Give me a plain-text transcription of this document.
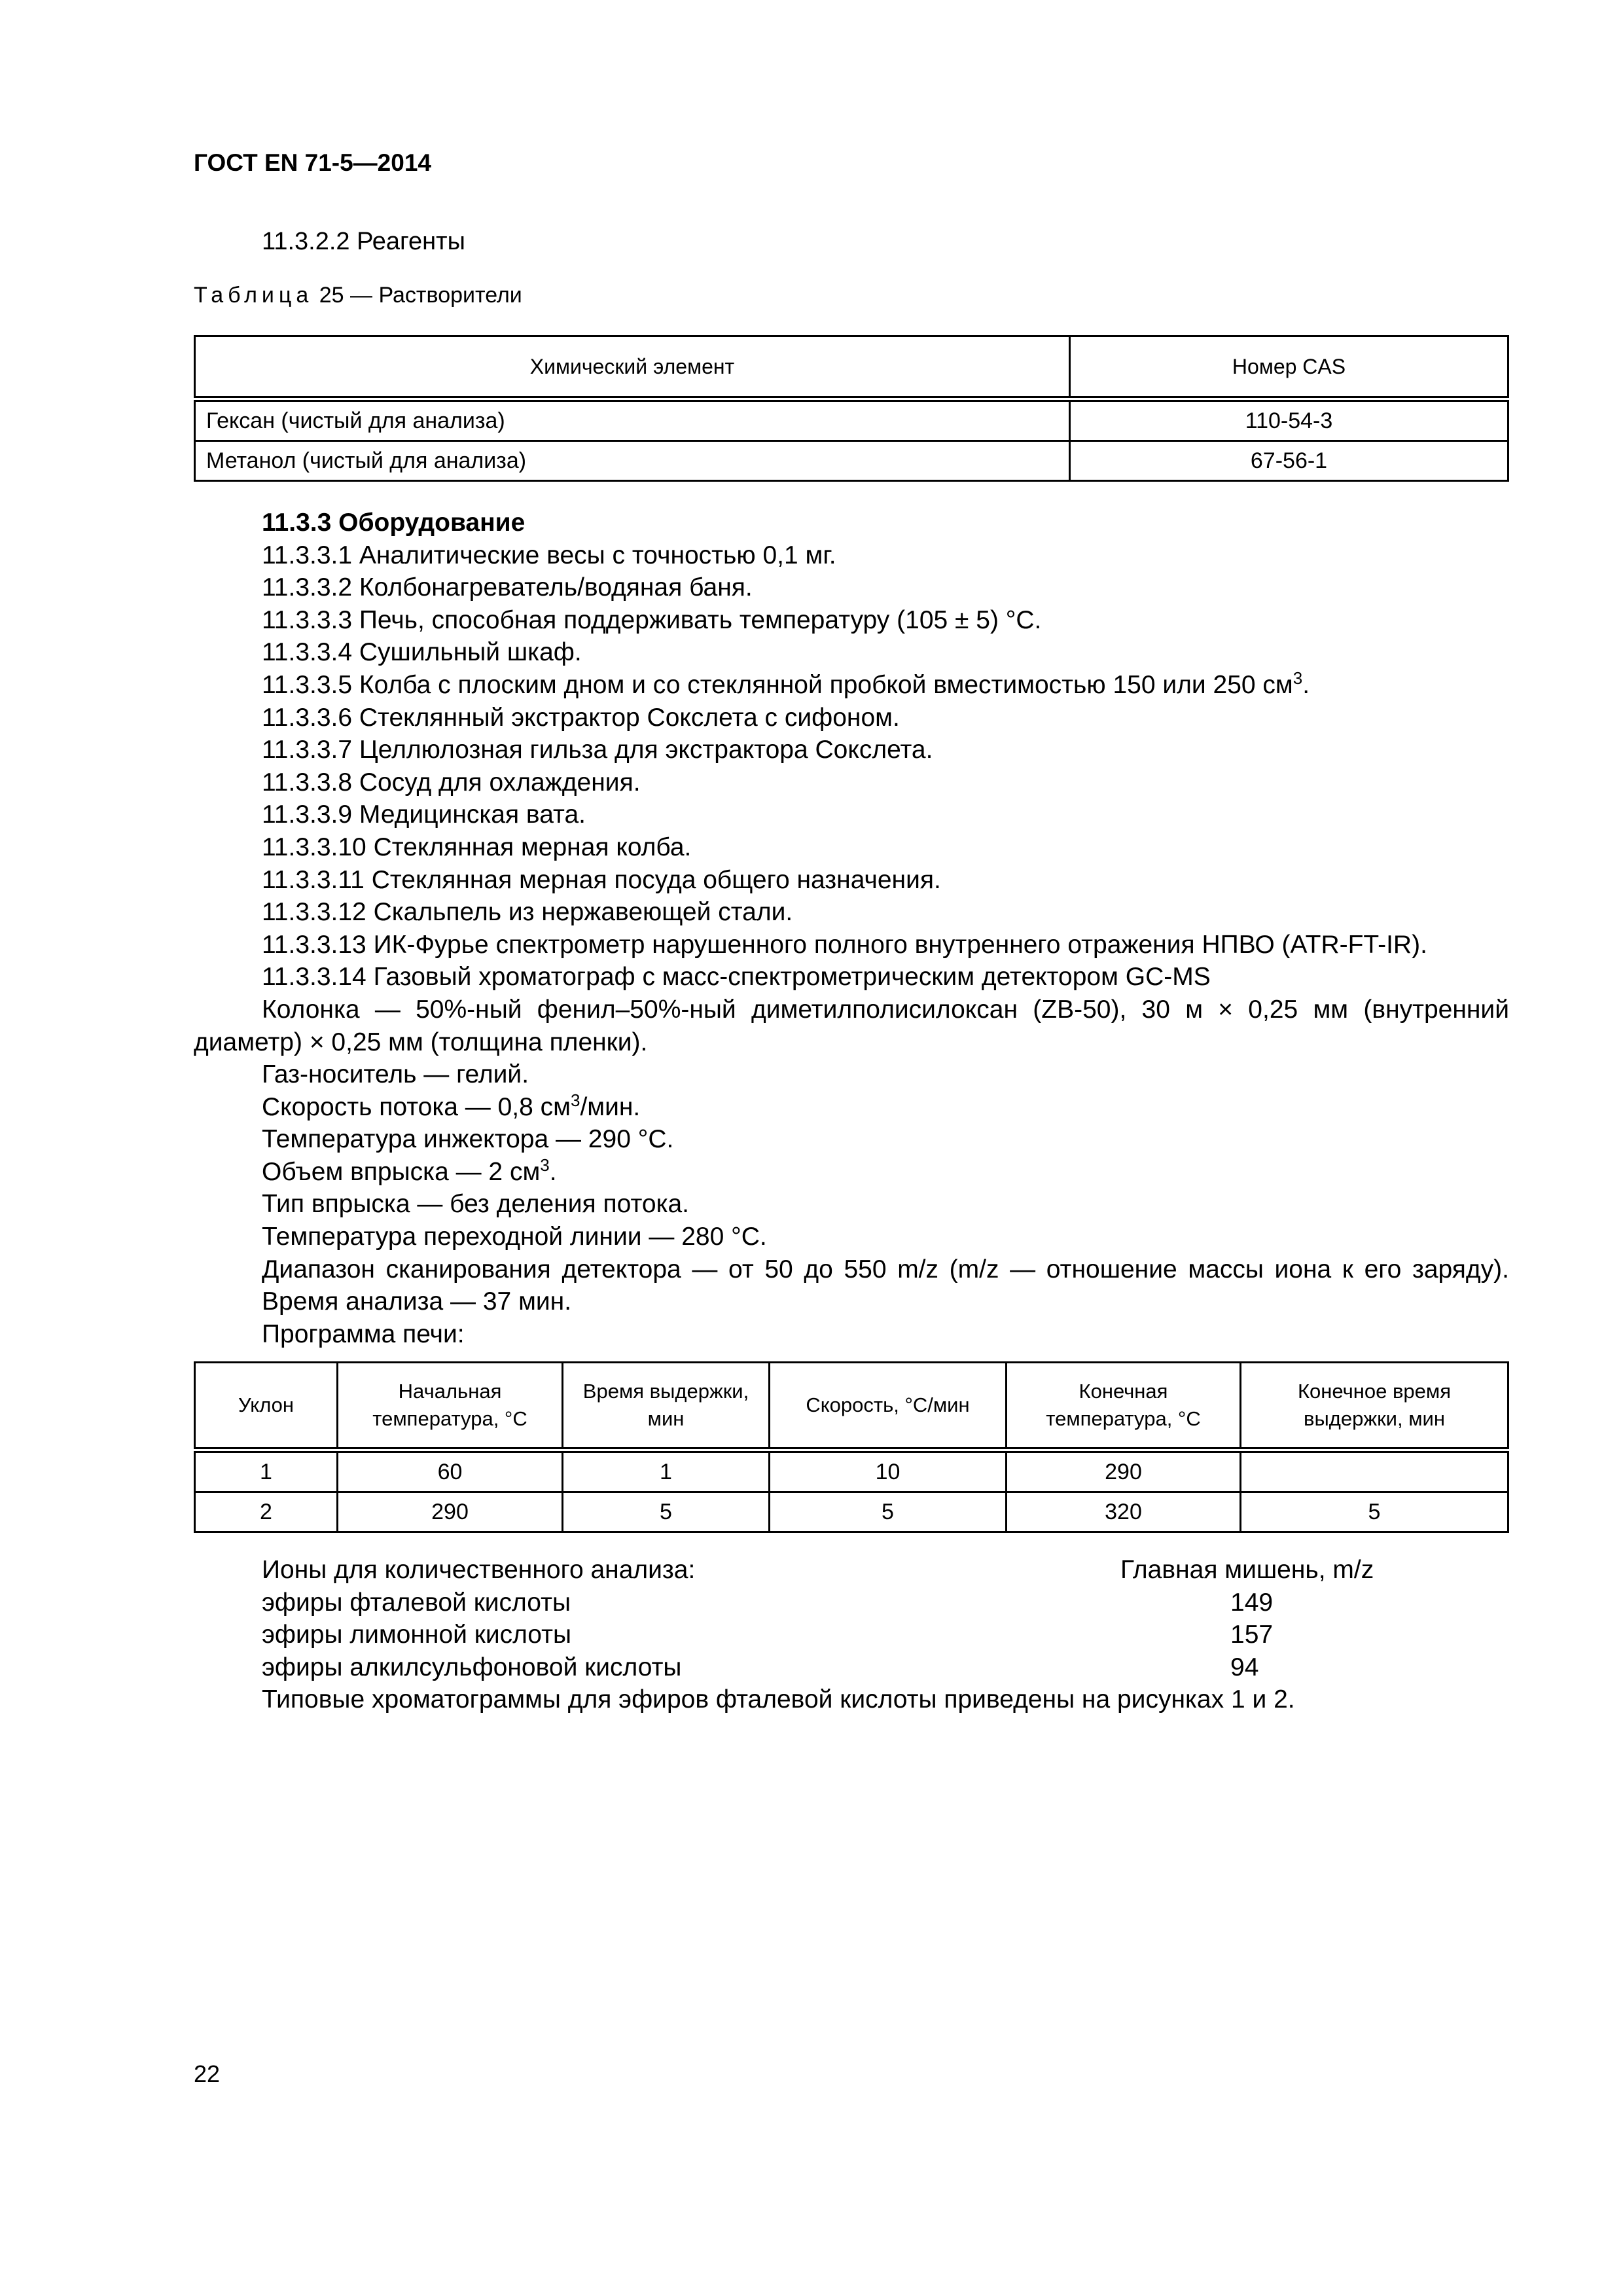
ГОСТ EN 71-5—2014
11.3.2.2 Реагенты
Таблица 25 — Растворители
Химический элемент	Номер CAS
Гексан (чистый для анализа)	110-54-3
Метанол (чистый для анализа)	67-56-1

11.3.3 Оборудование

11.3.3.1 Аналитические весы с точностью 0,1 мг.

11.3.3.2 Колбонагреватель/водяная баня.

11.3.3.3 Печь, способная поддерживать температуру (105 ± 5) °С.

11.3.3.4 Сушильный шкаф.

11.3.3.5 Колба с плоским дном и со стеклянной пробкой вместимостью 150 или 250 $см^3$.

11.3.3.6 Стеклянный экстрактор Сокслета с сифоном.

11.3.3.7 Целлюлозная гильза для экстрактора Сокслета.

11.3.3.8 Сосуд для охлаждения.

11.3.3.9 Медицинская вата.

11.3.3.10 Стеклянная мерная колба.

11.3.3.11 Стеклянная мерная посуда общего назначения.

11.3.3.12 Скальпель из нержавеющей стали.

11.3.3.13 ИК-Фурье спектрометр нарушенного полного внутреннего отражения НПВО (ATR-FT-IR).

11.3.3.14 Газовый хроматограф с масс-спектрометрическим детектором GC-MS

Колонка — 50%-ный фенил–50%-ный диметилполисилоксан (ZB-50), 30 м × 0,25 мм (внутренний диаметр) × 0,25 мм (толщина пленки).

Газ-носитель — гелий.

Скорость потока — 0,8 $см^3$/мин.

Температура инжектора — 290 °С.

Объем впрыска — 2 $см^3$.

Тип впрыска — без деления потока.

Температура переходной линии — 280 °С.

Диапазон сканирования детектора — от 50 до 550 m/z (m/z — отношение массы иона к его заряду).

Время анализа — 37 мин.

Программа печи:

Уклон	Начальная температура, °С	Время выдержки, мин	Скорость, °С/мин	Конечная температура, °С	Конечное время выдержки, мин
1	60	1	10	290	
2	290	5	5	320	5
Ионы для количественного анализа:	Главная мишень, m/z
эфиры фталевой кислоты	149
эфиры лимонной кислоты	157
эфиры алкилсульфоновой кислоты	94
Типовые хроматограммы для эфиров фталевой кислоты приведены на рисунках 1 и 2.
22
